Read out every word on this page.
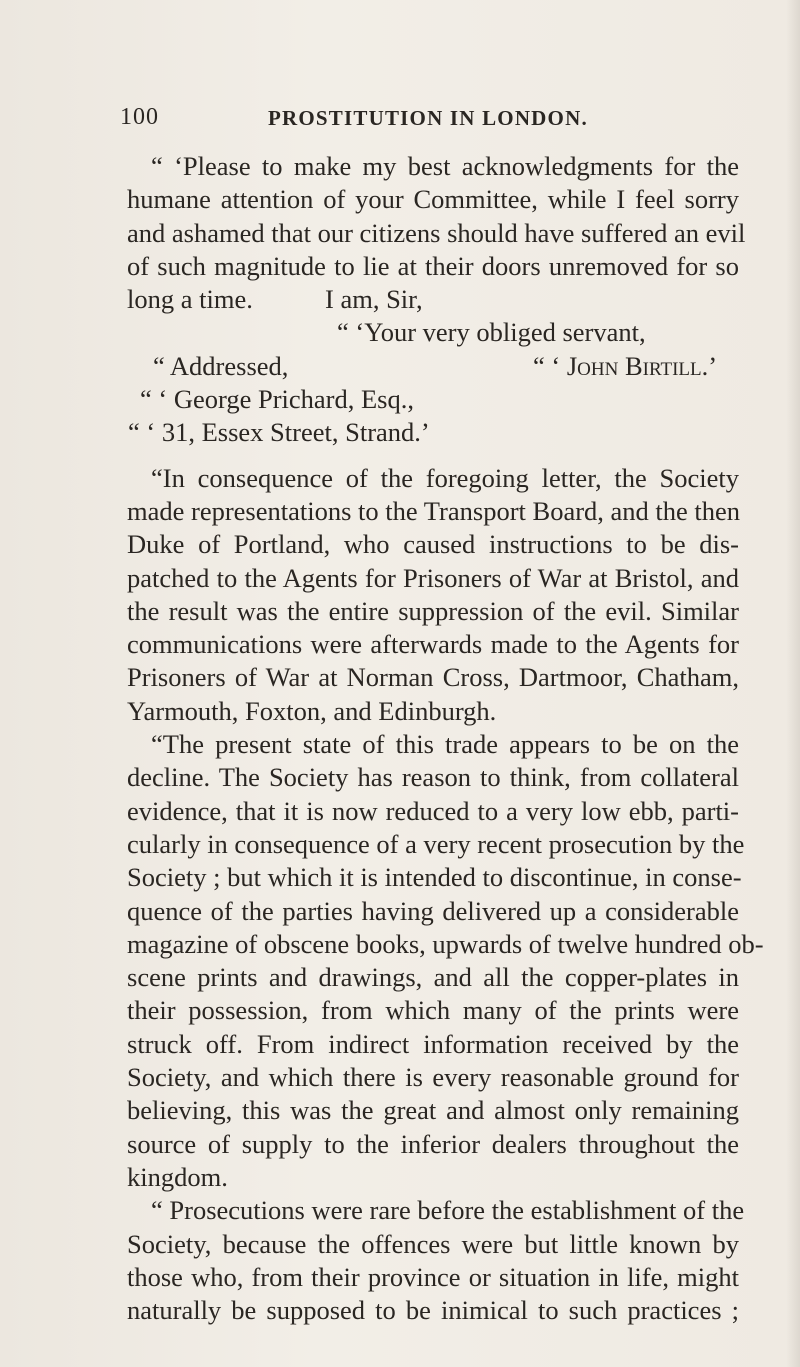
100	PROSTITUTION IN LONDON.
“ ‘Please to make my best acknowledgments for the
humane attention of your Committee, while I feel sorry
and ashamed that our citizens should have suffered an evil
of such magnitude to lie at their doors unremoved for so
long a time.	I am, Sir,
“ ‘Your very obliged servant,
“ Addressed,	“ ‘ John Birtill.’
“ ‘ George Prichard, Esq.,
“ ‘ 31, Essex Street, Strand.’
“In consequence of the foregoing letter, the Society
made representations to the Transport Board, and the then
Duke of Portland, who caused instructions to be dis-
patched to the Agents for Prisoners of War at Bristol, and
the result was the entire suppression of the evil. Similar
communications were afterwards made to the Agents for
Prisoners of War at Norman Cross, Dartmoor, Chatham,
Yarmouth, Foxton, and Edinburgh.
“The present state of this trade appears to be on the
decline. The Society has reason to think, from collateral
evidence, that it is now reduced to a very low ebb, parti-
cularly in consequence of a very recent prosecution by the
Society ; but which it is intended to discontinue, in conse-
quence of the parties having delivered up a considerable
magazine of obscene books, upwards of twelve hundred ob-
scene prints and drawings, and all the copper-plates in
their possession, from which many of the prints were
struck off. From indirect information received by the
Society, and which there is every reasonable ground for
believing, this was the great and almost only remaining
source of supply to the inferior dealers throughout the
kingdom.
“ Prosecutions were rare before the establishment of the
Society, because the offences were but little known by
those who, from their province or situation in life, might
naturally be supposed to be inimical to such practices ;
